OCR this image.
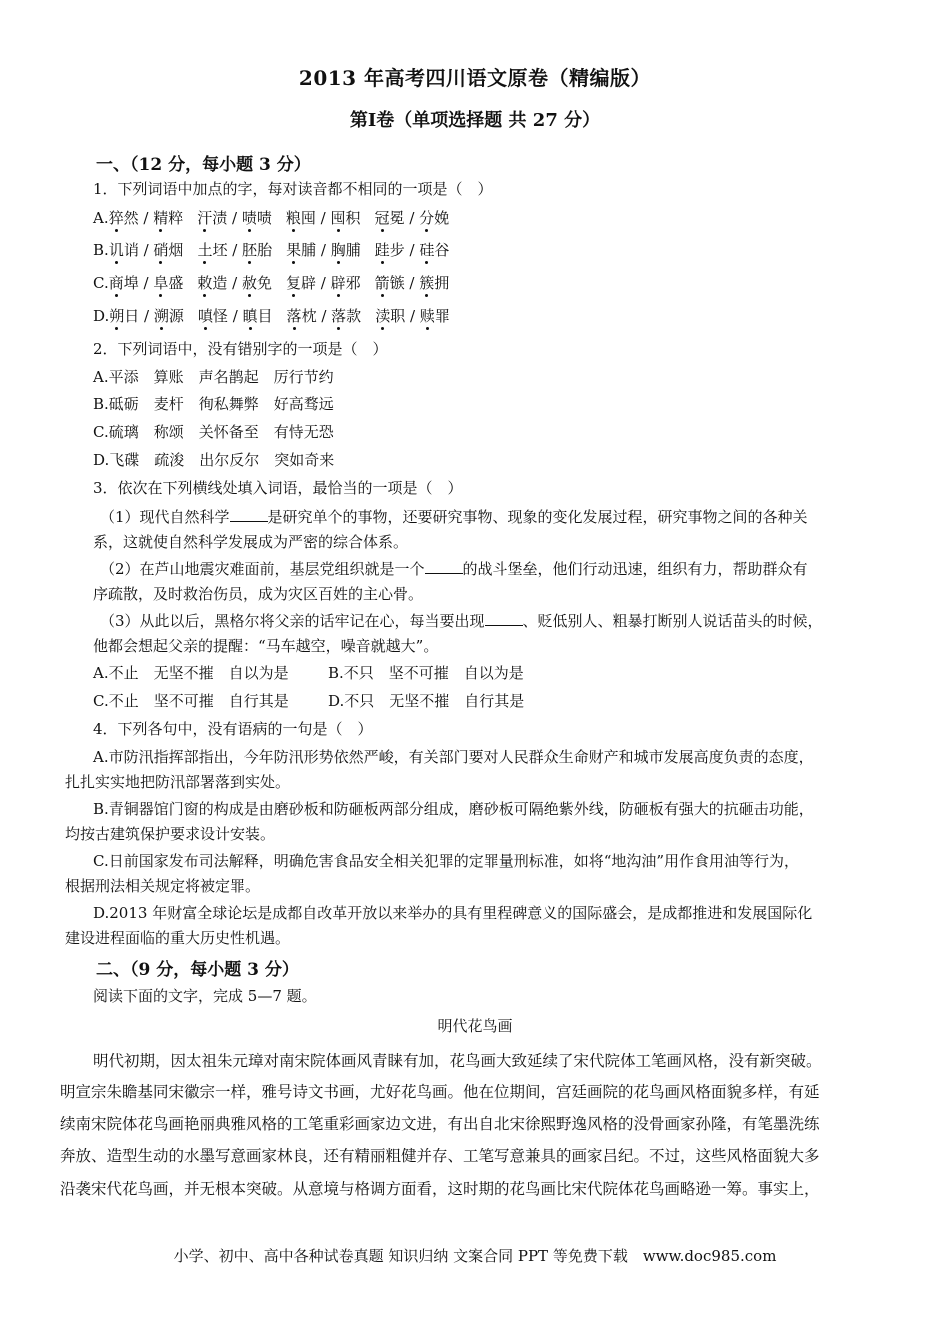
2013 年高考四川语文原卷（精编版）
第Ⅰ卷（单项选择题 共 27 分）
一、（12 分，每小题 3 分）
1．下列词语中加点的字，每对读音都不相同的一项是（　）
A.猝然 / 精粹 汗渍 / 啧啧 粮囤 / 囤积 冠冕 / 分娩
B.讥诮 / 硝烟 土坯 / 胚胎 果脯 / 胸脯 跬步 / 硅谷
C.商埠 / 阜盛 敕造 / 赦免 复辟 / 辟邪 箭镞 / 簇拥
D.朔日 / 溯源 嗔怪 / 瞋目 落枕 / 落款 渎职 / 赎罪
2．下列词语中，没有错别字的一项是（　）
A.平添　算账　声名鹊起　厉行节约
B.砥砺　麦杆　徇私舞弊　好高骛远
C.硫璃　称颂　关怀备至　有恃无恐
D.飞碟　疏浚　出尔反尔　突如奇来
3．依次在下列横线处填入词语，最恰当的一项是（　）
（1）现代自然科学	是研究单个的事物，还要研究事物、现象的变化发展过程，研究事物之间的各种关
系，这就使自然科学发展成为严密的综合体系。
（2）在芦山地震灾难面前，基层党组织就是一个	的战斗堡垒，他们行动迅速，组织有力，帮助群众有
序疏散，及时救治伤员，成为灾区百姓的主心骨。
（3）从此以后，黑格尔将父亲的话牢记在心，每当要出现	、贬低别人、粗暴打断别人说话苗头的时候，
他都会想起父亲的提醒：“马车越空，噪音就越大”。
A.不止　无坚不摧　自以为是	B.不只　坚不可摧　自以为是
C.不止　坚不可摧　自行其是	D.不只　无坚不摧　自行其是
4．下列各句中，没有语病的一句是（　）
A.市防汛指挥部指出，今年防汛形势依然严峻，有关部门要对人民群众生命财产和城市发展高度负责的态度，
扎扎实实地把防汛部署落到实处。
B.青铜器馆门窗的构成是由磨砂板和防砸板两部分组成，磨砂板可隔绝紫外线，防砸板有强大的抗砸击功能，
均按古建筑保护要求设计安装。
C.日前国家发布司法解释，明确危害食品安全相关犯罪的定罪量刑标准，如将“地沟油”用作食用油等行为，
根据刑法相关规定将被定罪。
D.2013 年财富全球论坛是成都自改革开放以来举办的具有里程碑意义的国际盛会，是成都推进和发展国际化
建设进程面临的重大历史性机遇。
二、（9 分，每小题 3 分）
阅读下面的文字，完成 5—7 题。
明代花鸟画
明代初期，因太祖朱元璋对南宋院体画风青睐有加，花鸟画大致延续了宋代院体工笔画风格，没有新突破。
明宣宗朱瞻基同宋徽宗一样，雅号诗文书画，尤好花鸟画。他在位期间，宫廷画院的花鸟画风格面貌多样，有延
续南宋院体花鸟画艳丽典雅风格的工笔重彩画家边文进，有出自北宋徐熙野逸风格的没骨画家孙隆，有笔墨洗练
奔放、造型生动的水墨写意画家林良，还有精丽粗健并存、工笔写意兼具的画家吕纪。不过，这些风格面貌大多
沿袭宋代花鸟画，并无根本突破。从意境与格调方面看，这时期的花鸟画比宋代院体花鸟画略逊一筹。事实上，
小学、初中、高中各种试卷真题 知识归纳 文案合同 PPT 等免费下载　www.doc985.com
